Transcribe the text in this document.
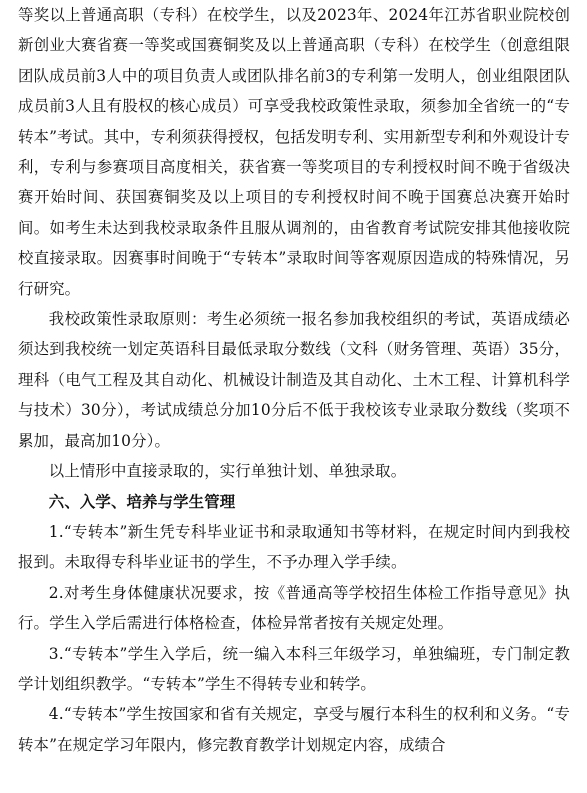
等奖以上普通高职（专科）在校学生，以及2023年、2024年江苏省职业院校创新创业大赛省赛一等奖或国赛铜奖及以上普通高职（专科）在校学生（创意组限团队成员前3人中的项目负责人或团队排名前3的专利第一发明人，创业组限团队成员前3人且有股权的核心成员）可享受我校政策性录取，须参加全省统一的“专转本”考试。其中，专利须获得授权，包括发明专利、实用新型专利和外观设计专利，专利与参赛项目高度相关，获省赛一等奖项目的专利授权时间不晚于省级决赛开始时间、获国赛铜奖及以上项目的专利授权时间不晚于国赛总决赛开始时间。如考生未达到我校录取条件且服从调剂的，由省教育考试院安排其他接收院校直接录取。因赛事时间晚于“专转本”录取时间等客观原因造成的特殊情况，另行研究。

我校政策性录取原则：考生必须统一报名参加我校组织的考试，英语成绩必须达到我校统一划定英语科目最低录取分数线（文科（财务管理、英语）35分，理科（电气工程及其自动化、机械设计制造及其自动化、土木工程、计算机科学与技术）30分），考试成绩总分加10分后不低于我校该专业录取分数线（奖项不累加，最高加10分）。

以上情形中直接录取的，实行单独计划、单独录取。

六、入学、培养与学生管理

1.“专转本”新生凭专科毕业证书和录取通知书等材料，在规定时间内到我校报到。未取得专科毕业证书的学生，不予办理入学手续。

2.对考生身体健康状况要求，按《普通高等学校招生体检工作指导意见》执行。学生入学后需进行体格检查，体检异常者按有关规定处理。

3.“专转本”学生入学后，统一编入本科三年级学习，单独编班，专门制定教学计划组织教学。“专转本”学生不得转专业和转学。

4.“专转本”学生按国家和省有关规定，享受与履行本科生的权利和义务。“专转本”在规定学习年限内，修完教育教学计划规定内容，成绩合
